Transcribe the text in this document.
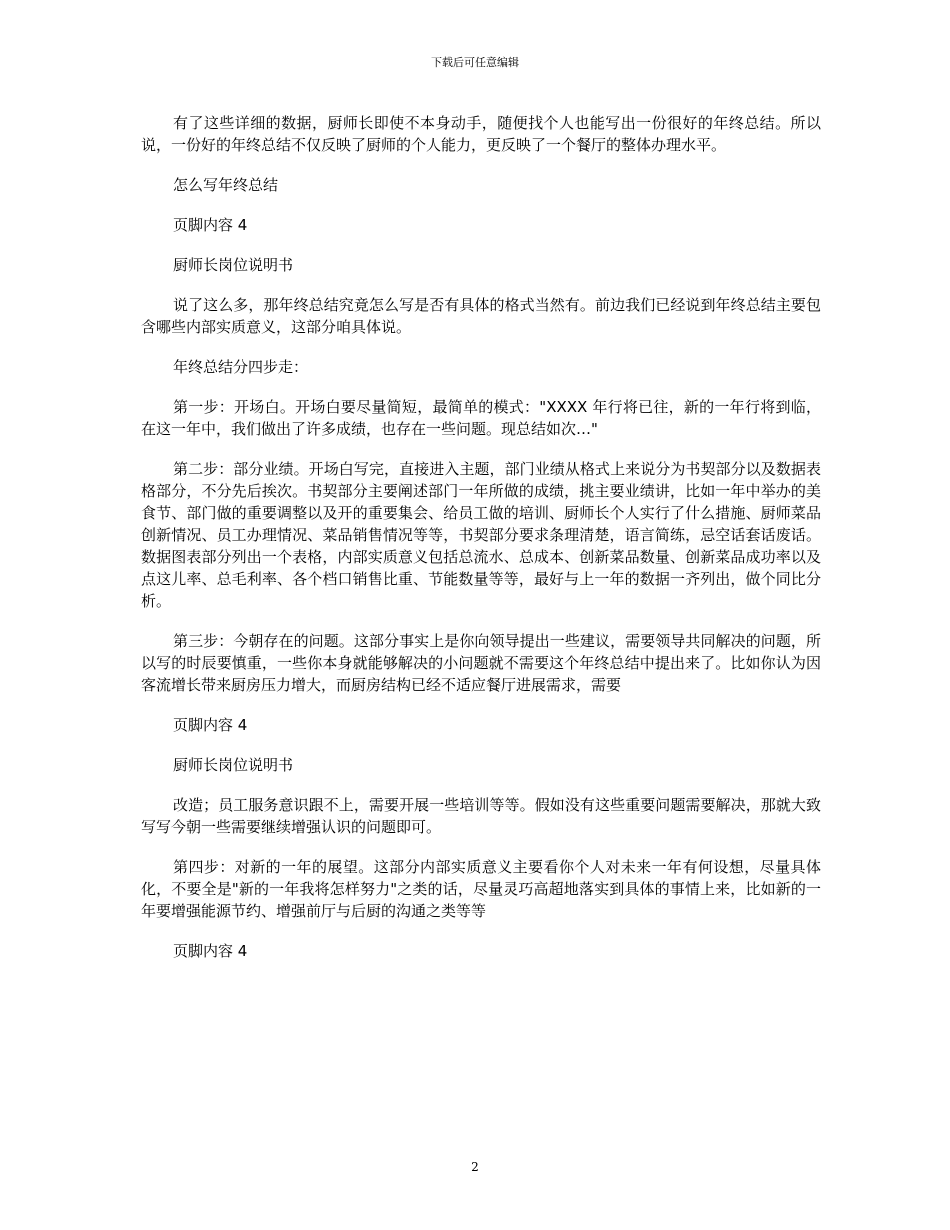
下载后可任意编辑

有了这些详细的数据，厨师长即使不本身动手，随便找个人也能写出一份很好的年终总结。所以说，一份好的年终总结不仅反映了厨师的个人能力，更反映了一个餐厅的整体办理水平。

怎么写年终总结

页脚内容 4

厨师长岗位说明书

说了这么多，那年终总结究竟怎么写是否有具体的格式当然有。前边我们已经说到年终总结主要包含哪些内部实质意义，这部分咱具体说。

年终总结分四步走：

第一步：开场白。开场白要尽量简短，最简单的模式："XXXX 年行将已往，新的一年行将到临，在这一年中，我们做出了许多成绩，也存在一些问题。现总结如次…"

第二步：部分业绩。开场白写完，直接进入主题，部门业绩从格式上来说分为书契部分以及数据表格部分，不分先后挨次。书契部分主要阐述部门一年所做的成绩，挑主要业绩讲，比如一年中举办的美食节、部门做的重要调整以及开的重要集会、给员工做的培训、厨师长个人实行了什么措施、厨师菜品创新情况、员工办理情况、菜品销售情况等等，书契部分要求条理清楚，语言简练，忌空话套话废话。数据图表部分列出一个表格，内部实质意义包括总流水、总成本、创新菜品数量、创新菜品成功率以及点这儿率、总毛利率、各个档口销售比重、节能数量等等，最好与上一年的数据一齐列出，做个同比分析。

第三步：今朝存在的问题。这部分事实上是你向领导提出一些建议，需要领导共同解决的问题，所以写的时辰要慎重，一些你本身就能够解决的小问题就不需要这个年终总结中提出来了。比如你认为因客流增长带来厨房压力增大，而厨房结构已经不适应餐厅进展需求，需要

页脚内容 4

厨师长岗位说明书

改造；员工服务意识跟不上，需要开展一些培训等等。假如没有这些重要问题需要解决，那就大致写写今朝一些需要继续增强认识的问题即可。

第四步：对新的一年的展望。这部分内部实质意义主要看你个人对未来一年有何设想，尽量具体化，不要全是"新的一年我将怎样努力"之类的话，尽量灵巧高超地落实到具体的事情上来，比如新的一年要增强能源节约、增强前厅与后厨的沟通之类等等

页脚内容 4

2
